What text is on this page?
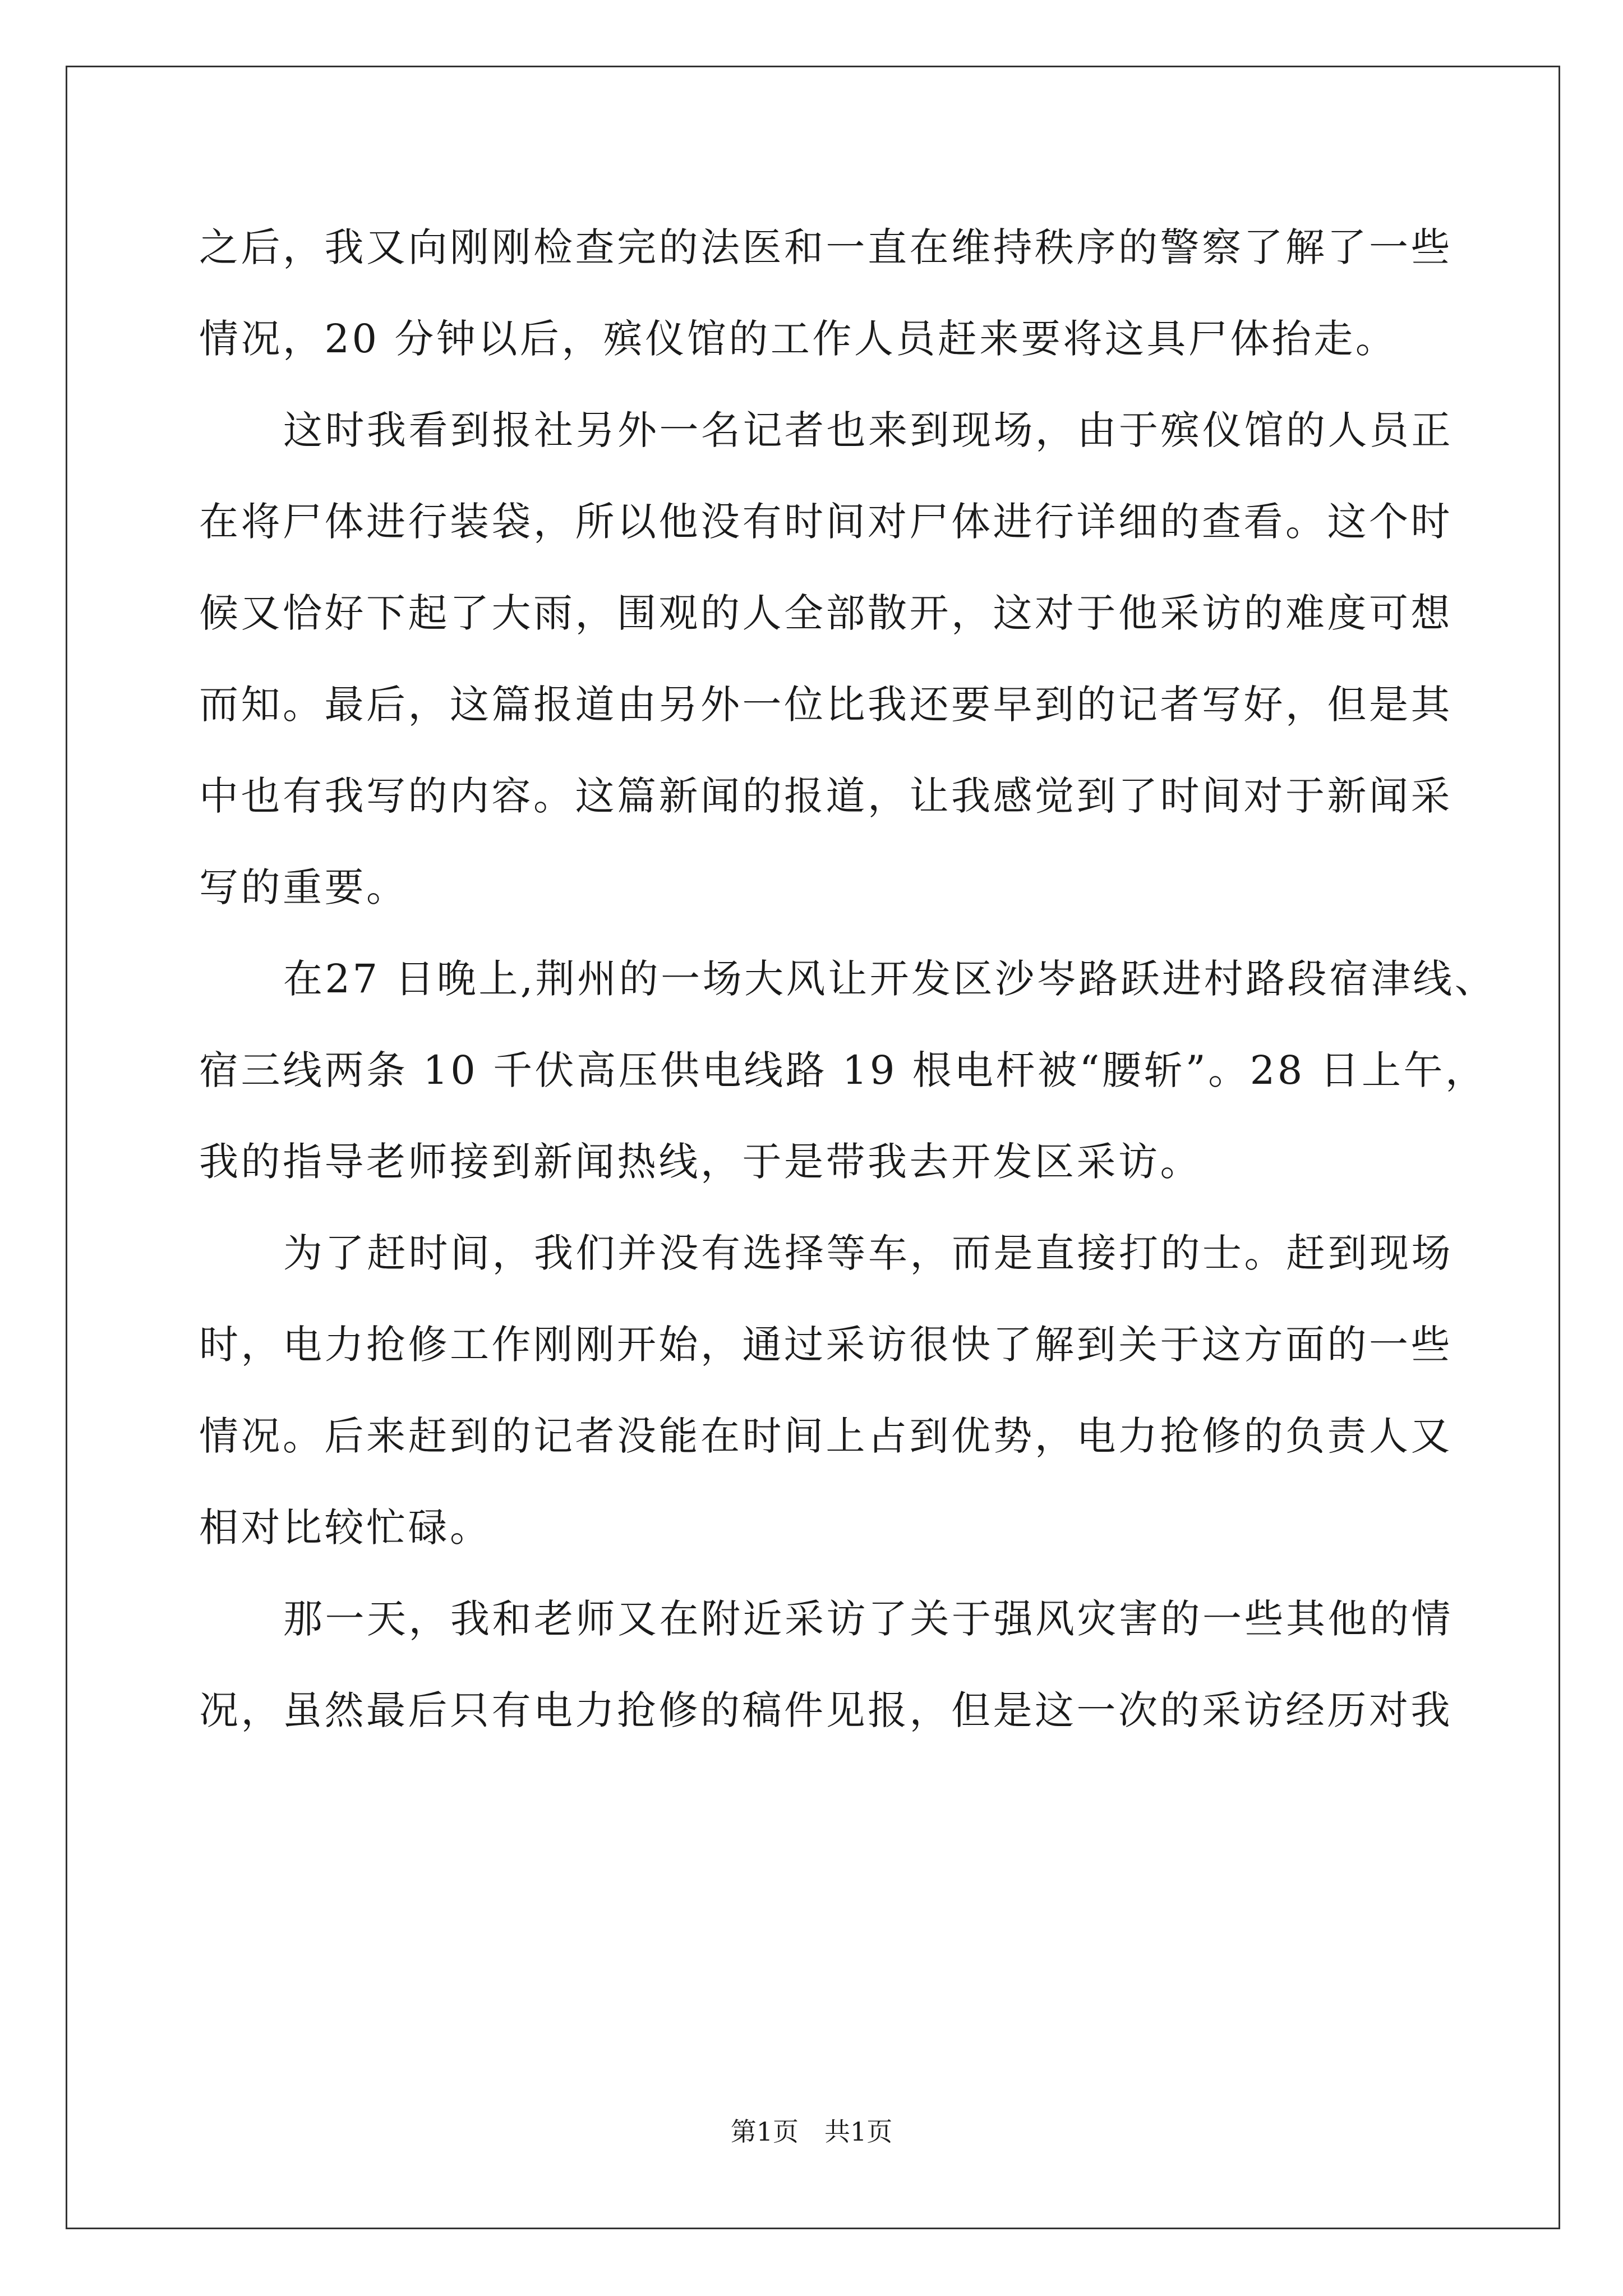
之后，我又向刚刚检查完的法医和一直在维持秩序的警察了解了一些
情况，20 分钟以后，殡仪馆的工作人员赶来要将这具尸体抬走。
这时我看到报社另外一名记者也来到现场，由于殡仪馆的人员正
在将尸体进行装袋，所以他没有时间对尸体进行详细的查看。这个时
候又恰好下起了大雨，围观的人全部散开，这对于他采访的难度可想
而知。最后，这篇报道由另外一位比我还要早到的记者写好，但是其
中也有我写的内容。这篇新闻的报道，让我感觉到了时间对于新闻采
写的重要。
在27 日晚上,荆州的一场大风让开发区沙岑路跃进村路段宿津线、
宿三线两条 10 千伏高压供电线路 19 根电杆被“腰斩”。28 日上午，
我的指导老师接到新闻热线，于是带我去开发区采访。
为了赶时间，我们并没有选择等车，而是直接打的士。赶到现场
时，电力抢修工作刚刚开始，通过采访很快了解到关于这方面的一些
情况。后来赶到的记者没能在时间上占到优势，电力抢修的负责人又
相对比较忙碌。
那一天，我和老师又在附近采访了关于强风灾害的一些其他的情
况，虽然最后只有电力抢修的稿件见报，但是这一次的采访经历对我
第1页　共1页
